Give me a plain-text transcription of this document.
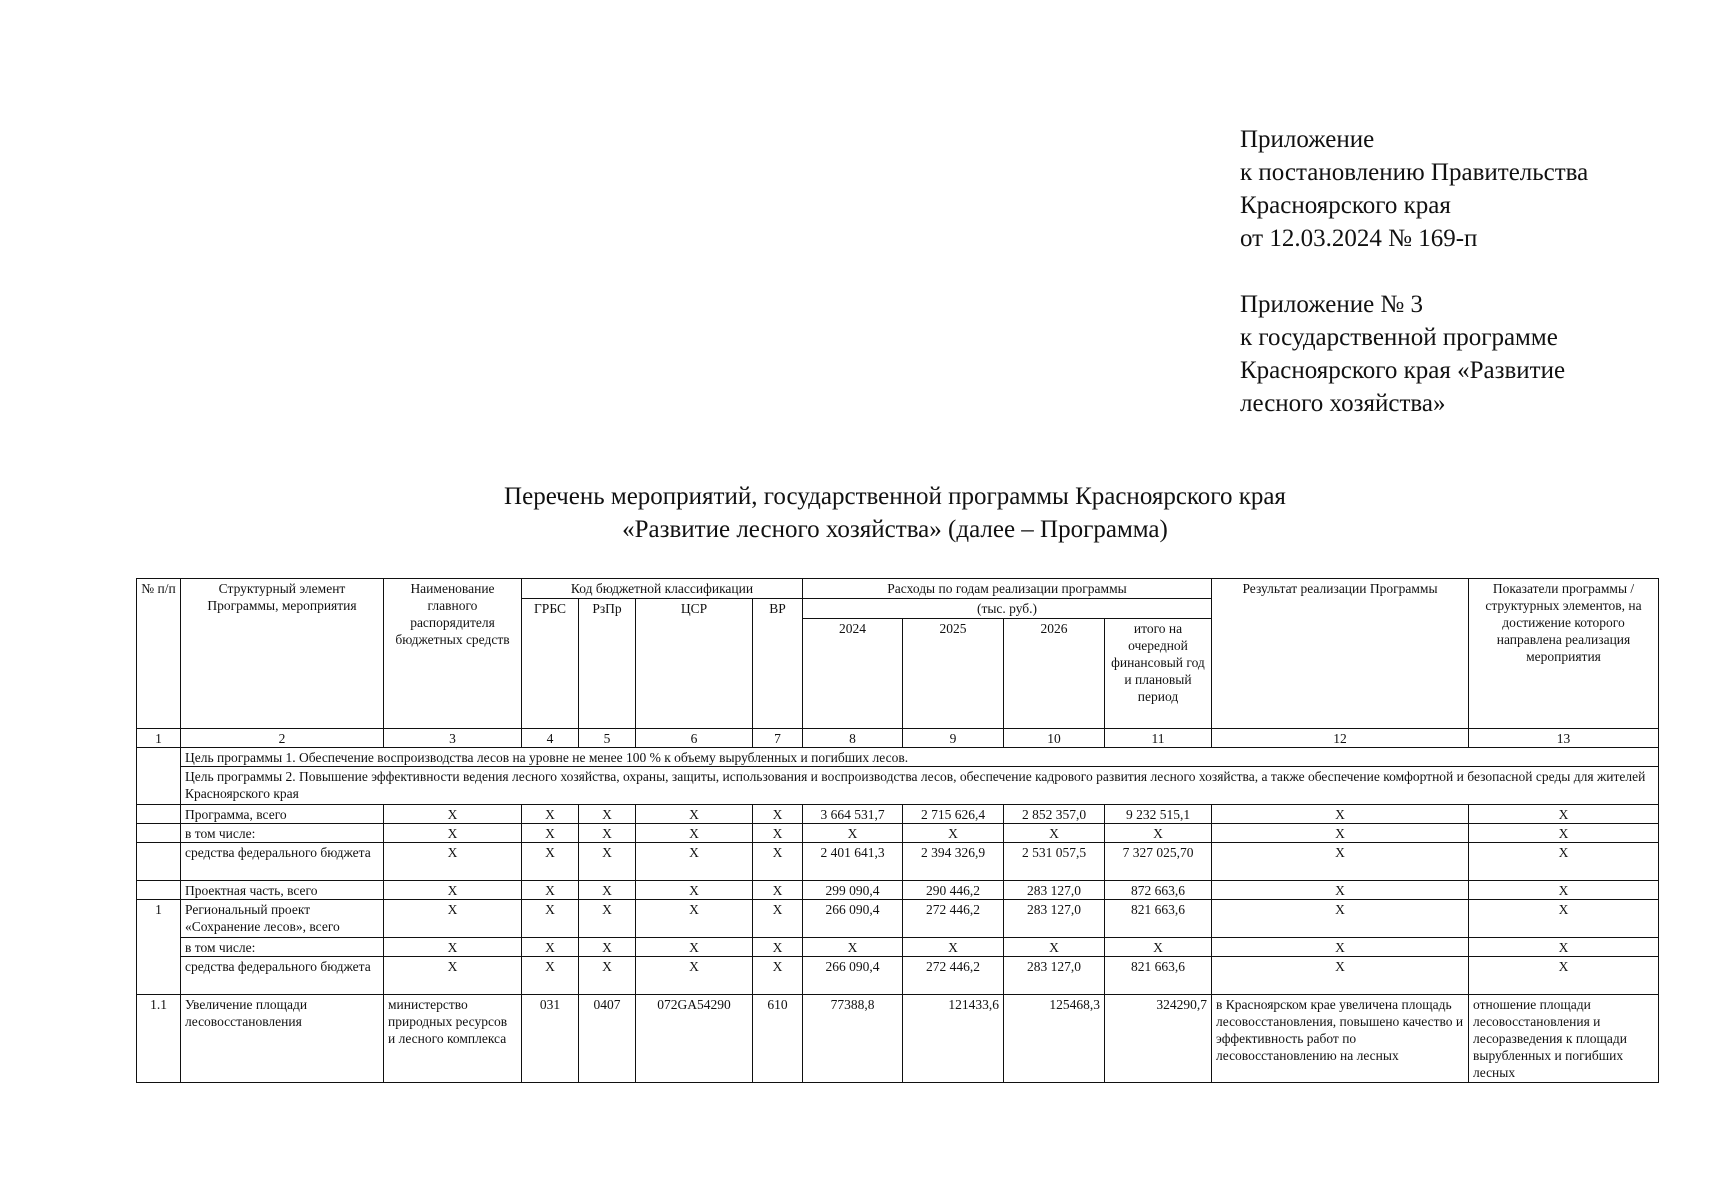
Приложение
к постановлению Правительства
Красноярского края
от 12.03.2024 № 169-п

Приложение № 3
к государственной программе
Красноярского края «Развитие
лесного хозяйства»

Перечень мероприятий, государственной программы Красноярского края
«Развитие лесного хозяйства» (далее – Программа)
№ п/п	Структурный элемент Программы, мероприятия	Наименование главного распорядителя бюджетных средств	Код бюджетной классификации				Расходы по годам реализации программы				Результат реализации Программы	Показатели программы / структурных элементов, на достижение которого направлена реализация мероприятия
			ГРБС	РзПр	ЦСР	ВР	(тыс. руб.)					
							2024	2025	2026	итого на очередной финансовый год и плановый период		
1	2	3	4	5	6	7	8	9	10	11	12	13
	Цель программы 1. Обеспечение воспроизводства лесов на уровне не менее 100 % к объему вырубленных и погибших лесов.											
	Цель программы 2. Повышение эффективности ведения лесного хозяйства, охраны, защиты, использования и воспроизводства лесов, обеспечение кадрового развития лесного хозяйства, а также обеспечение комфортной и безопасной среды для жителей Красноярского края											
	Программа, всего	X	X	X	X	X	3 664 531,7	2 715 626,4	2 852 357,0	9 232 515,1	X	X
	в том числе:	X	X	X	X	X	X	X	X	X	X	X
	средства федерального бюджета	X	X	X	X	X	2 401 641,3	2 394 326,9	2 531 057,5	7 327 025,70	X	X
	Проектная часть, всего	X	X	X	X	X	299 090,4	290 446,2	283 127,0	872 663,6	X	X
1	Региональный проект «Сохранение лесов», всего	X	X	X	X	X	266 090,4	272 446,2	283 127,0	821 663,6	X	X
	в том числе:	X	X	X	X	X	X	X	X	X	X	X
	средства федерального бюджета	X	X	X	X	X	266 090,4	272 446,2	283 127,0	821 663,6	X	X
1.1	Увеличение площади лесовосстановления	министерство природных ресурсов и лесного комплекса	031	0407	072GA54290	610	77388,8	121433,6	125468,3	324290,7	в Красноярском крае увеличена площадь лесовосстановления, повышено качество и эффективность работ по лесовосстановлению на лесных	отношение площади лесовосстановления и лесоразведения к площади вырубленных и погибших лесных
